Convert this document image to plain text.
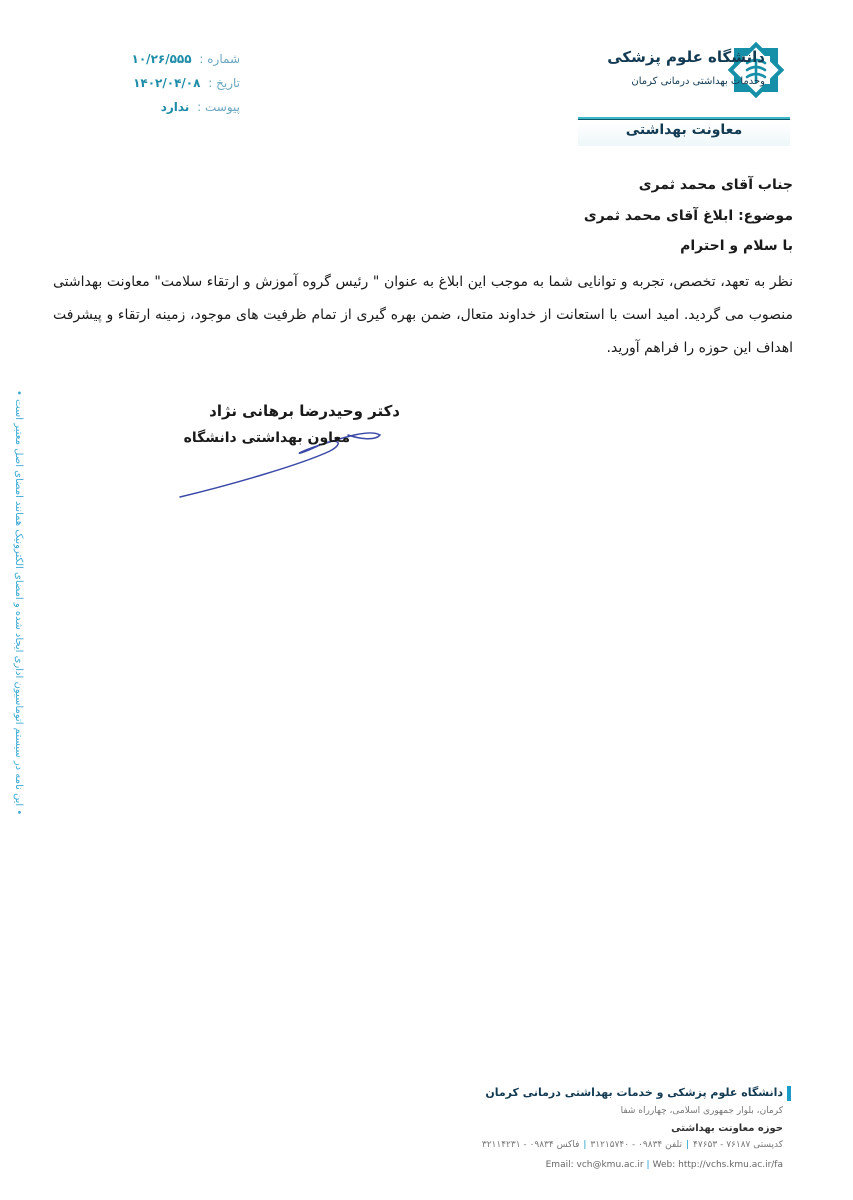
دانشگاه علوم پزشکی
وخدمات بهداشتی درمانی کرمان
معاونت بهداشتی
شماره : ۱۰/۲۶/۵۵۵
تاریخ : ۱۴۰۲/۰۴/۰۸
پیوست : ندارد
جناب آقای محمد ثمری
موضوع: ابلاغ آقای محمد ثمری
با سلام و احترام
نظر به تعهد، تخصص، تجربه و توانایی شما به موجب این ابلاغ به عنوان " رئیس گروه آموزش و ارتقاء سلامت" معاونت بهداشتی منصوب می گردید. امید است با استعانت از خداوند متعال، ضمن بهره گیری از تمام ظرفیت های موجود، زمینه ارتقاء و پیشرفت اهداف این حوزه را فراهم آورید.
دکتر وحیدرضا برهانی نژاد
معاون بهداشتی دانشگاه
• این نامه در سیستم اتوماسیون اداری ایجاد شده و امضای الکترونیک همانند امضای اصل معتبر است •
دانشگاه علوم پزشکی و خدمات بهداشتی درمانی کرمان
کرمان، بلوار جمهوری اسلامی، چهارراه شفا
حوزه معاونت بهداشتی
کدپستی ۷۶۱۸۷ - ۴۷۶۵۳|تلفن ۰۹۸۳۴ - ۳۱۲۱۵۷۴۰|فاکس ۰۹۸۳۴ - ۳۲۱۱۴۲۳۱
Email: vch@kmu.ac.ir | Web: http://vchs.kmu.ac.ir/fa
